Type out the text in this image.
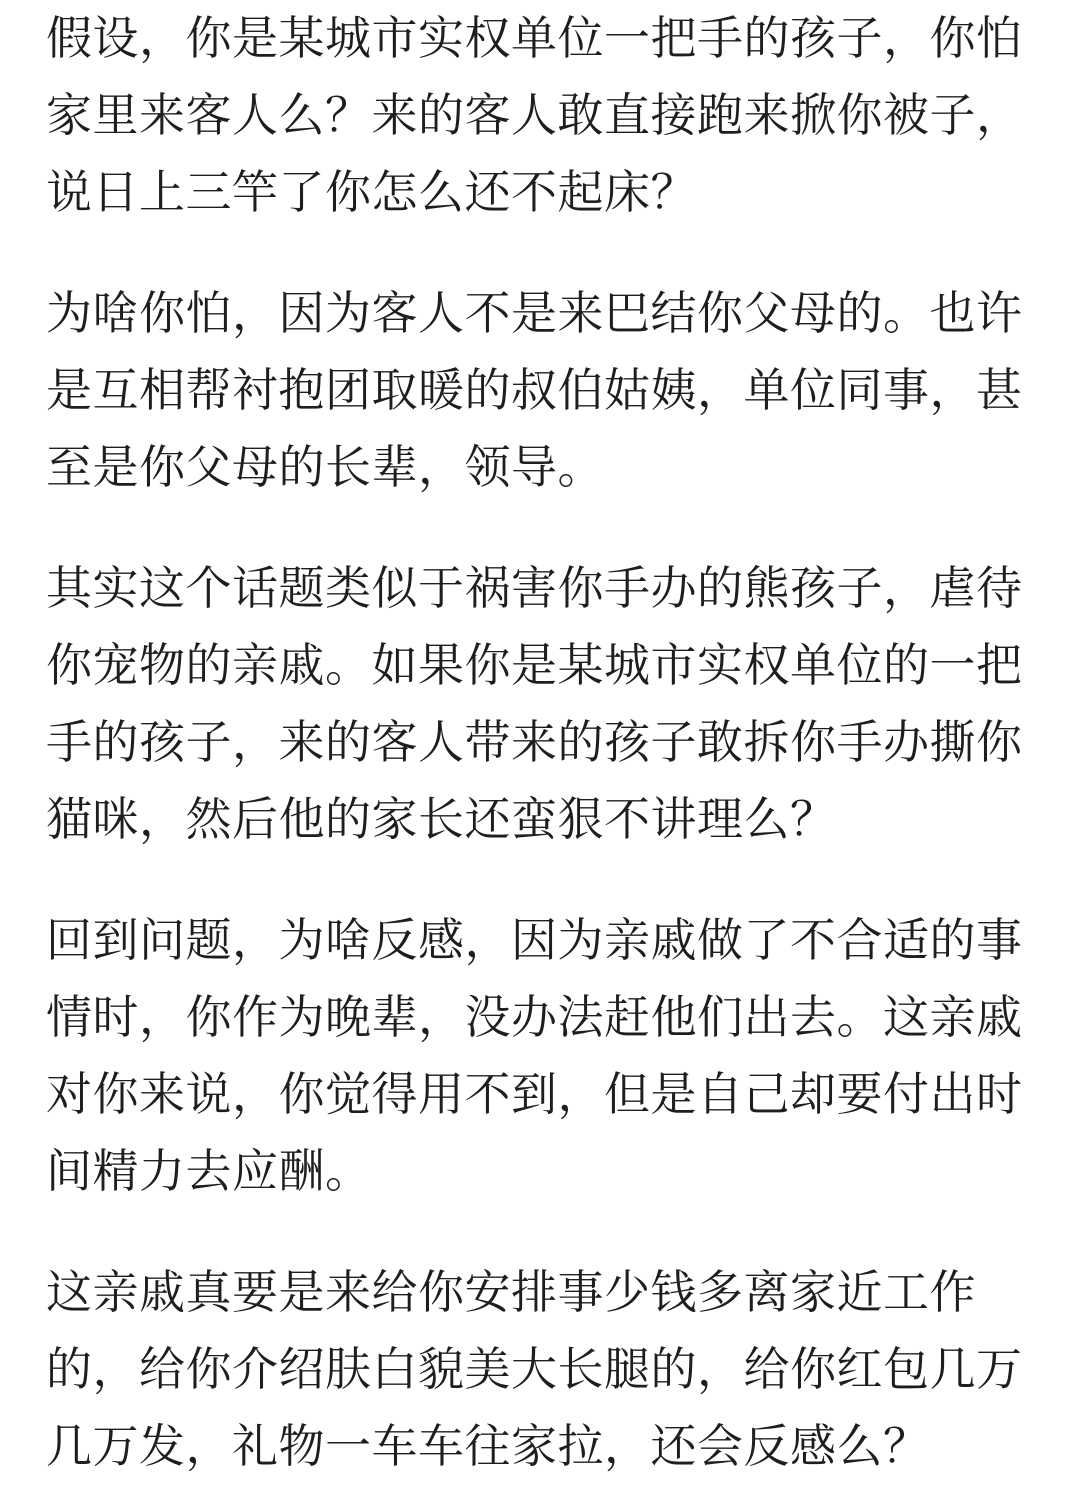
假设，你是某城市实权单位一把手的孩子，你怕
家里来客人么？来的客人敢直接跑来掀你被子，
说日上三竿了你怎么还不起床？
为啥你怕，因为客人不是来巴结你父母的。也许
是互相帮衬抱团取暖的叔伯姑姨，单位同事，甚
至是你父母的长辈，领导。
其实这个话题类似于祸害你手办的熊孩子，虐待
你宠物的亲戚。如果你是某城市实权单位的一把
手的孩子，来的客人带来的孩子敢拆你手办撕你
猫咪，然后他的家长还蛮狠不讲理么？
回到问题，为啥反感，因为亲戚做了不合适的事
情时，你作为晚辈，没办法赶他们出去。这亲戚
对你来说，你觉得用不到，但是自己却要付出时
间精力去应酬。
这亲戚真要是来给你安排事少钱多离家近工作
的，给你介绍肤白貌美大长腿的，给你红包几万
几万发，礼物一车车往家拉，还会反感么？
